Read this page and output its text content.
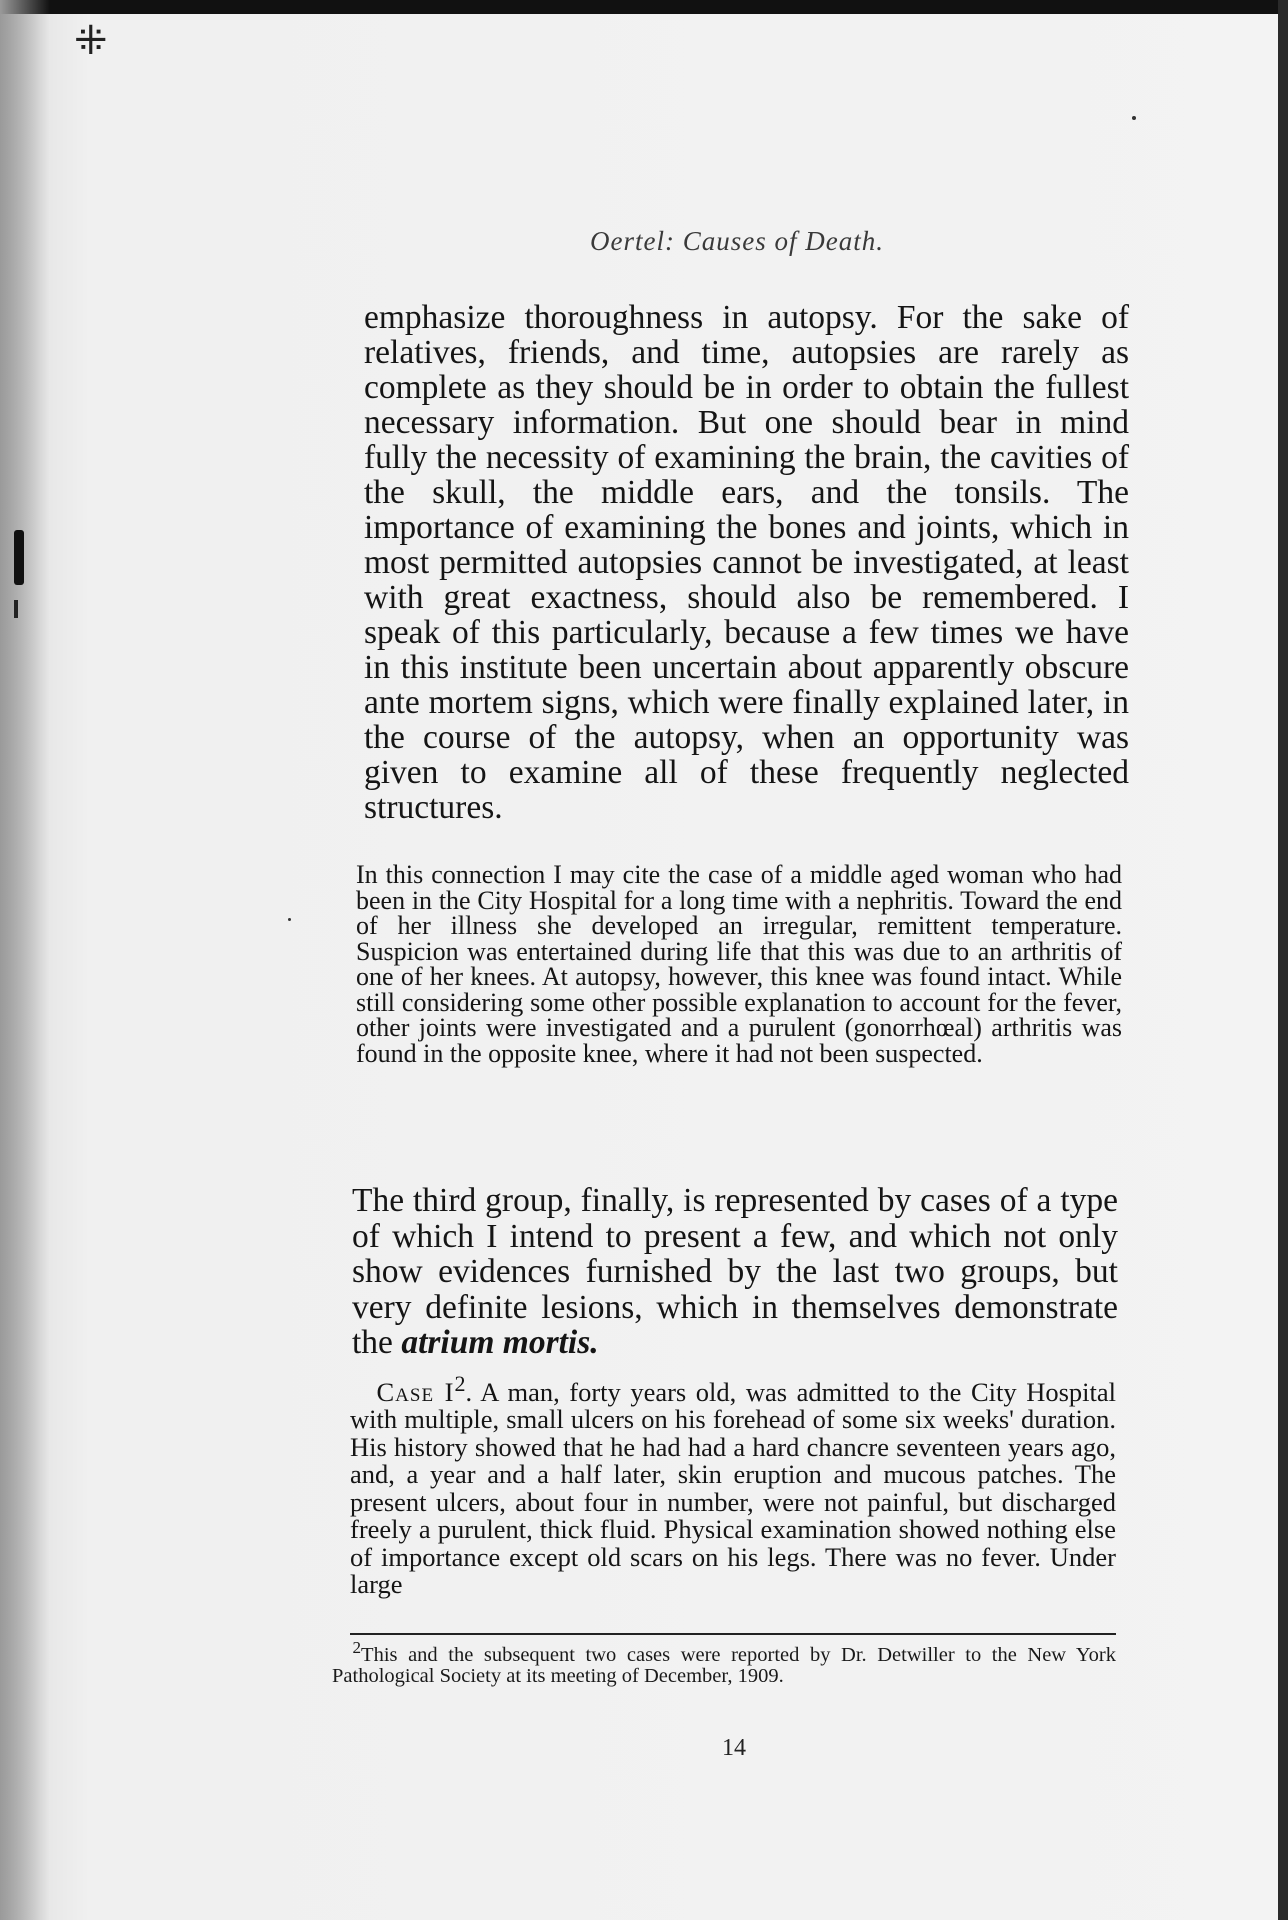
⁜
Oertel: Causes of Death.

emphasize thoroughness in autopsy. For the sake of relatives, friends, and time, autopsies are rarely as complete as they should be in order to obtain the fullest necessary information. But one should bear in mind fully the necessity of examining the brain, the cavities of the skull, the middle ears, and the tonsils. The importance of examining the bones and joints, which in most permitted autopsies cannot be investigated, at least with great exactness, should also be remembered. I speak of this particularly, because a few times we have in this institute been uncertain about apparently obscure ante mortem signs, which were finally explained later, in the course of the autopsy, when an opportunity was given to examine all of these frequently neglected structures.

In this connection I may cite the case of a middle aged woman who had been in the City Hospital for a long time with a nephritis. Toward the end of her illness she developed an irregular, remittent temperature. Suspicion was entertained during life that this was due to an arthritis of one of her knees. At autopsy, however, this knee was found intact. While still considering some other possible explanation to account for the fever, other joints were investigated and a purulent (gonorrhœal) arthritis was found in the opposite knee, where it had not been suspected.

The third group, finally, is represented by cases of a type of which I intend to present a few, and which not only show evidences furnished by the last two groups, but very definite lesions, which in themselves demonstrate the atrium mortis.

 Case $I^2$. A man, forty years old, was admitted to the City Hospital with multiple, small ulcers on his forehead of some six weeks' duration. His history showed that he had had a hard chancre seventeen years ago, and, a year and a half later, skin eruption and mucous patches. The present ulcers, about four in number, were not painful, but discharged freely a purulent, thick fluid. Physical examination showed nothing else of importance except old scars on his legs. There was no fever. Under large

 $^2$This and the subsequent two cases were reported by Dr. Detwiller to the New York Pathological Society at its meeting of December, 1909.

14
